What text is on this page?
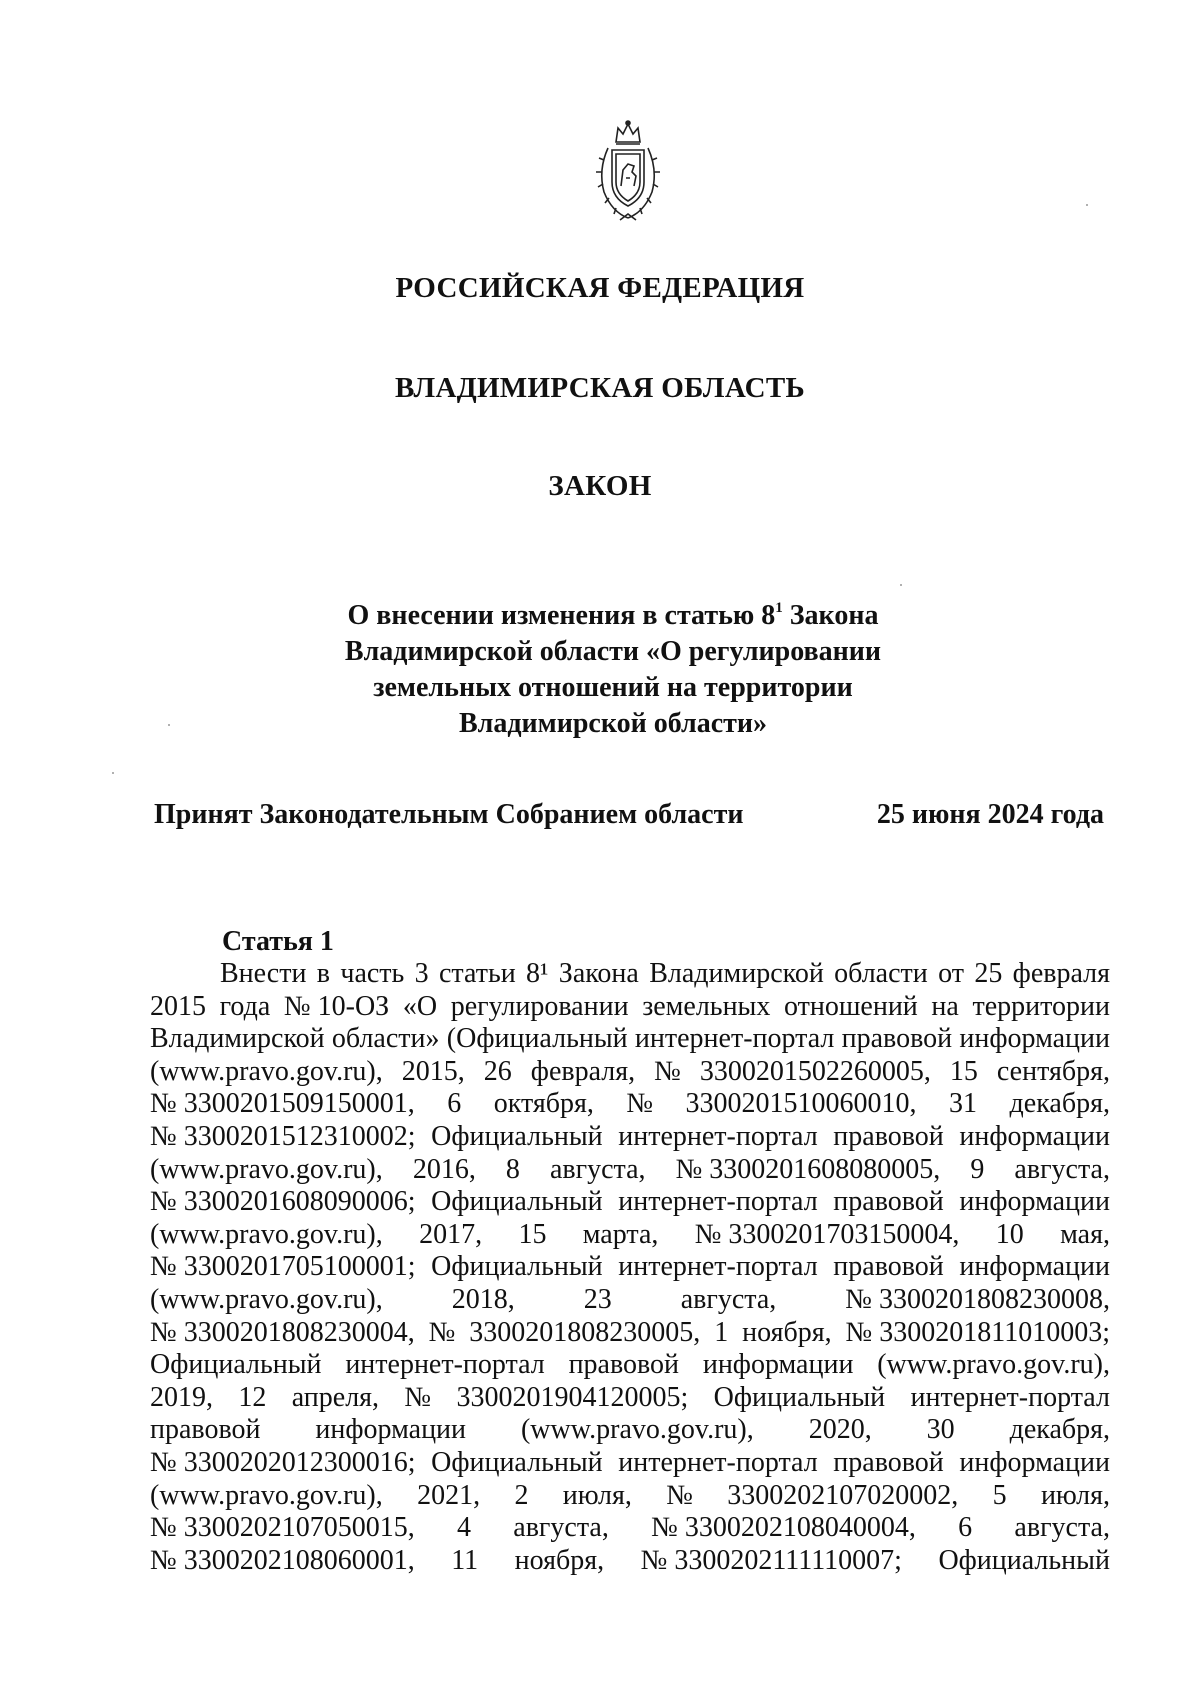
РОССИЙСКАЯ ФЕДЕРАЦИЯ
ВЛАДИМИРСКАЯ ОБЛАСТЬ
ЗАКОН
О внесении изменения в статью $8^1$ Закона
Владимирской области «О регулировании
земельных отношений на территории
Владимирской области»
Принят Законодательным Собранием области	25 июня 2024 года
Статья 1
Внести в часть 3 статьи 8¹ Закона Владимирской области от 25 февраля
2015 года № 10-ОЗ «О регулировании земельных отношений на территории
Владимирской области» (Официальный интернет-портал правовой информации
(www.pravo.gov.ru), 2015, 26 февраля, № 3300201502260005, 15 сентября,
№ 3300201509150001, 6 октября, № 3300201510060010, 31 декабря,
№ 3300201512310002; Официальный интернет-портал правовой информации
(www.pravo.gov.ru), 2016, 8 августа, № 3300201608080005, 9 августа,
№ 3300201608090006; Официальный интернет-портал правовой информации
(www.pravo.gov.ru), 2017, 15 марта, № 3300201703150004, 10 мая,
№ 3300201705100001; Официальный интернет-портал правовой информации
(www.pravo.gov.ru), 2018, 23 августа, № 3300201808230008,
№ 3300201808230004, № 3300201808230005, 1 ноября, № 3300201811010003;
Официальный интернет-портал правовой информации (www.pravo.gov.ru),
2019, 12 апреля, № 3300201904120005; Официальный интернет-портал
правовой информации (www.pravo.gov.ru), 2020, 30 декабря,
№ 3300202012300016; Официальный интернет-портал правовой информации
(www.pravo.gov.ru), 2021, 2 июля, № 3300202107020002, 5 июля,
№ 3300202107050015, 4 августа, № 3300202108040004, 6 августа,
№ 3300202108060001, 11 ноября, № 3300202111110007; Официальный
